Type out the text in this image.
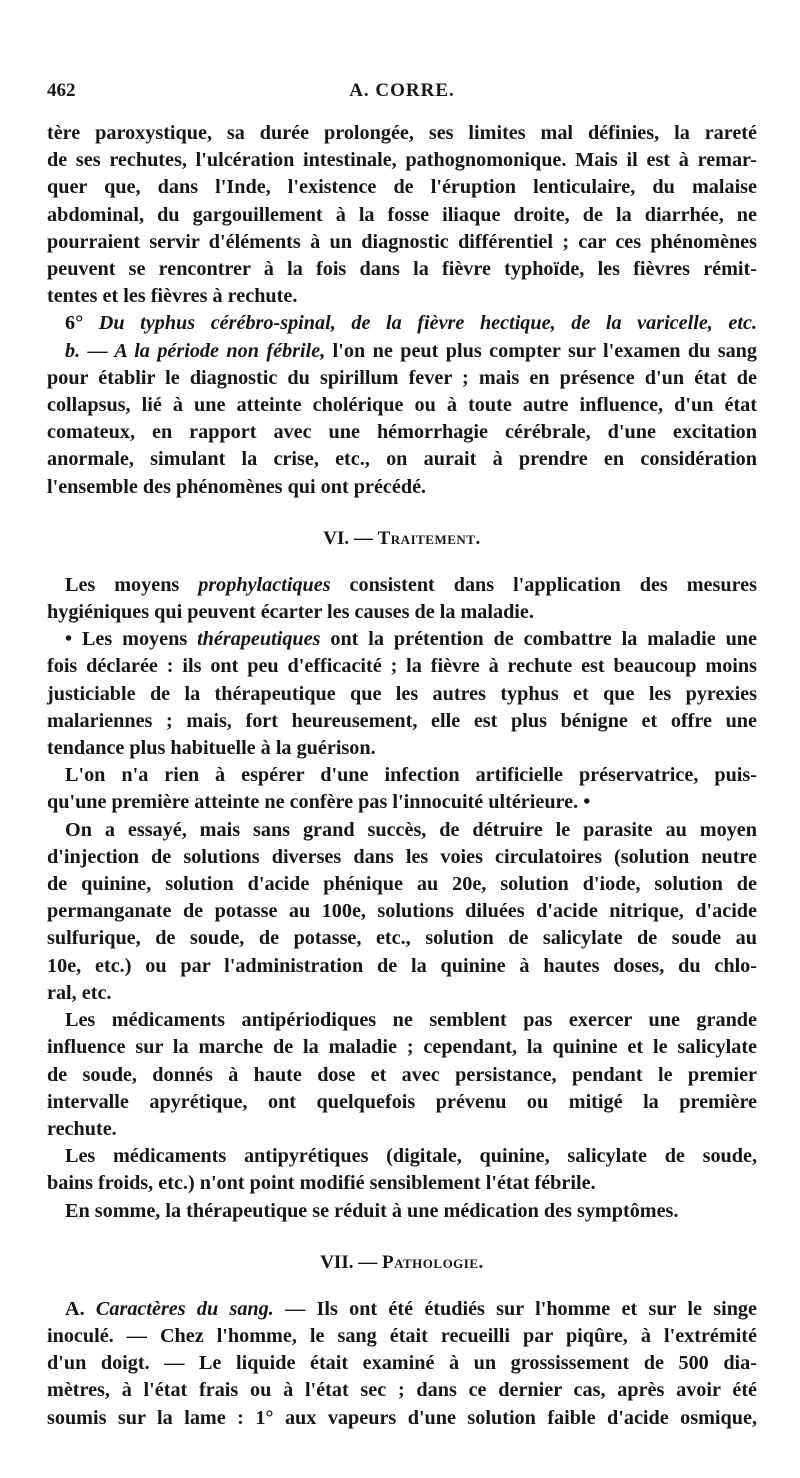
462	A. CORRE.
tère paroxystique, sa durée prolongée, ses limites mal définies, la rareté
de ses rechutes, l'ulcération intestinale, pathognomonique. Mais il est à remar-
quer que, dans l'Inde, l'existence de l'éruption lenticulaire, du malaise
abdominal, du gargouillement à la fosse iliaque droite, de la diarrhée, ne
pourraient servir d'éléments à un diagnostic différentiel ; car ces phénomènes
peuvent se rencontrer à la fois dans la fièvre typhoïde, les fièvres rémit-
tentes et les fièvres à rechute.
6° Du typhus cérébro-spinal, de la fièvre hectique, de la varicelle, etc.
b. — A la période non fébrile, l'on ne peut plus compter sur l'examen du sang
pour établir le diagnostic du spirillum fever ; mais en présence d'un état de
collapsus, lié à une atteinte cholérique ou à toute autre influence, d'un état
comateux, en rapport avec une hémorrhagie cérébrale, d'une excitation
anormale, simulant la crise, etc., on aurait à prendre en considération
l'ensemble des phénomènes qui ont précédé.
VI. — Traitement.
Les moyens prophylactiques consistent dans l'application des mesures
hygiéniques qui peuvent écarter les causes de la maladie.
• Les moyens thérapeutiques ont la prétention de combattre la maladie une
fois déclarée : ils ont peu d'efficacité ; la fièvre à rechute est beaucoup moins
justiciable de la thérapeutique que les autres typhus et que les pyrexies
malariennes ; mais, fort heureusement, elle est plus bénigne et offre une
tendance plus habituelle à la guérison.
L'on n'a rien à espérer d'une infection artificielle préservatrice, puis-
qu'une première atteinte ne confère pas l'innocuité ultérieure. •
On a essayé, mais sans grand succès, de détruire le parasite au moyen
d'injection de solutions diverses dans les voies circulatoires (solution neutre
de quinine, solution d'acide phénique au 20e, solution d'iode, solution de
permanganate de potasse au 100e, solutions diluées d'acide nitrique, d'acide
sulfurique, de soude, de potasse, etc., solution de salicylate de soude au
10e, etc.) ou par l'administration de la quinine à hautes doses, du chlo-
ral, etc.
Les médicaments antipériodiques ne semblent pas exercer une grande
influence sur la marche de la maladie ; cependant, la quinine et le salicylate
de soude, donnés à haute dose et avec persistance, pendant le premier
intervalle apyrétique, ont quelquefois prévenu ou mitigé la première
rechute.
Les médicaments antipyrétiques (digitale, quinine, salicylate de soude,
bains froids, etc.) n'ont point modifié sensiblement l'état fébrile.
En somme, la thérapeutique se réduit à une médication des symptômes.
VII. — Pathologie.
A. Caractères du sang. — Ils ont été étudiés sur l'homme et sur le singe
inoculé. — Chez l'homme, le sang était recueilli par piqûre, à l'extrémité
d'un doigt. — Le liquide était examiné à un grossissement de 500 dia-
mètres, à l'état frais ou à l'état sec ; dans ce dernier cas, après avoir été
soumis sur la lame : 1° aux vapeurs d'une solution faible d'acide osmique,
